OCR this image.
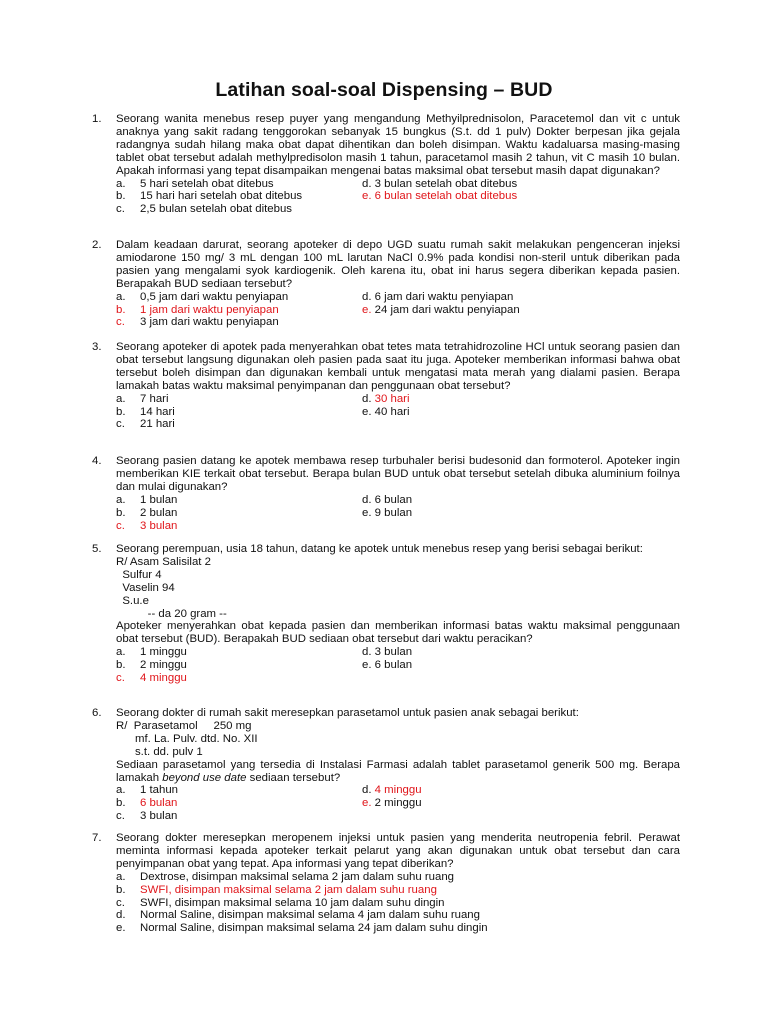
Latihan soal-soal Dispensing – BUD
1. Seorang wanita menebus resep puyer yang mengandung Methyilprednisolon, Paracetemol dan vit c untuk anaknya yang sakit radang tenggorokan sebanyak 15 bungkus (S.t. dd 1 pulv) Dokter berpesan jika gejala radangnya sudah hilang maka obat dapat dihentikan dan boleh disimpan. Waktu kadaluarsa masing-masing tablet obat tersebut adalah methylpredisolon masih 1 tahun, paracetamol masih 2 tahun, vit C masih 10 bulan. Apakah informasi yang tepat disampaikan mengenai batas maksimal obat tersebut masih dapat digunakan?
a. 5 hari setelah obat ditebus	d. 3 bulan setelah obat ditebus
b. 15 hari hari setelah obat ditebus	e. 6 bulan setelah obat ditebus
c. 2,5 bulan setelah obat ditebus
2. Dalam keadaan darurat, seorang apoteker di depo UGD suatu rumah sakit melakukan pengenceran injeksi amiodarone 150 mg/ 3 mL dengan 100 mL larutan NaCl 0.9% pada kondisi non-steril untuk diberikan pada pasien yang mengalami syok kardiogenik. Oleh karena itu, obat ini harus segera diberikan kepada pasien. Berapakah BUD sediaan tersebut?
a. 0,5 jam dari waktu penyiapan	d. 6 jam dari waktu penyiapan
b. 1 jam dari waktu penyiapan	e. 24 jam dari waktu penyiapan
c. 3 jam dari waktu penyiapan
3. Seorang apoteker di apotek pada menyerahkan obat tetes mata tetrahidrozoline HCl untuk seorang pasien dan obat tersebut langsung digunakan oleh pasien pada saat itu juga. Apoteker memberikan informasi bahwa obat tersebut boleh disimpan dan digunakan kembali untuk mengatasi mata merah yang dialami pasien. Berapa lamakah batas waktu maksimal penyimpanan dan penggunaan obat tersebut?
a. 7 hari	d. 30 hari
b. 14 hari	e. 40 hari
c. 21 hari
4. Seorang pasien datang ke apotek membawa resep turbuhaler berisi budesonid dan formoterol. Apoteker ingin memberikan KIE terkait obat tersebut. Berapa bulan BUD untuk obat tersebut setelah dibuka aluminium foilnya dan mulai digunakan?
a. 1 bulan	d. 6 bulan
b. 2 bulan	e. 9 bulan
c. 3 bulan
5. Seorang perempuan, usia 18 tahun, datang ke apotek untuk menebus resep yang berisi sebagai berikut:
R/ Asam Salisilat 2
Sulfur 4
Vaselin 94
S.u.e
-- da 20 gram --
Apoteker menyerahkan obat kepada pasien dan memberikan informasi batas waktu maksimal penggunaan obat tersebut (BUD). Berapakah BUD sediaan obat tersebut dari waktu peracikan?
a. 1 minggu	d. 3 bulan
b. 2 minggu	e. 6 bulan
c. 4 minggu
6. Seorang dokter di rumah sakit meresepkan parasetamol untuk pasien anak sebagai berikut:
R/  Parasetamol     250 mg
mf. La. Pulv. dtd. No. XII
s.t. dd. pulv 1
Sediaan parasetamol yang tersedia di Instalasi Farmasi adalah tablet parasetamol generik 500 mg. Berapa lamakah beyond use date sediaan tersebut?
a. 1 tahun	d. 4 minggu
b. 6 bulan	e. 2 minggu
c. 3 bulan
7. Seorang dokter meresepkan meropenem injeksi untuk pasien yang menderita neutropenia febril. Perawat meminta informasi kepada apoteker terkait pelarut yang akan digunakan untuk obat tersebut dan cara penyimpanan obat yang tepat. Apa informasi yang tepat diberikan?
a. Dextrose, disimpan maksimal selama 2 jam dalam suhu ruang
b. SWFI, disimpan maksimal selama 2 jam dalam suhu ruang
c. SWFI, disimpan maksimal selama 10 jam dalam suhu dingin
d. Normal Saline, disimpan maksimal selama 4 jam dalam suhu ruang
e. Normal Saline, disimpan maksimal selama 24 jam dalam suhu dingin
